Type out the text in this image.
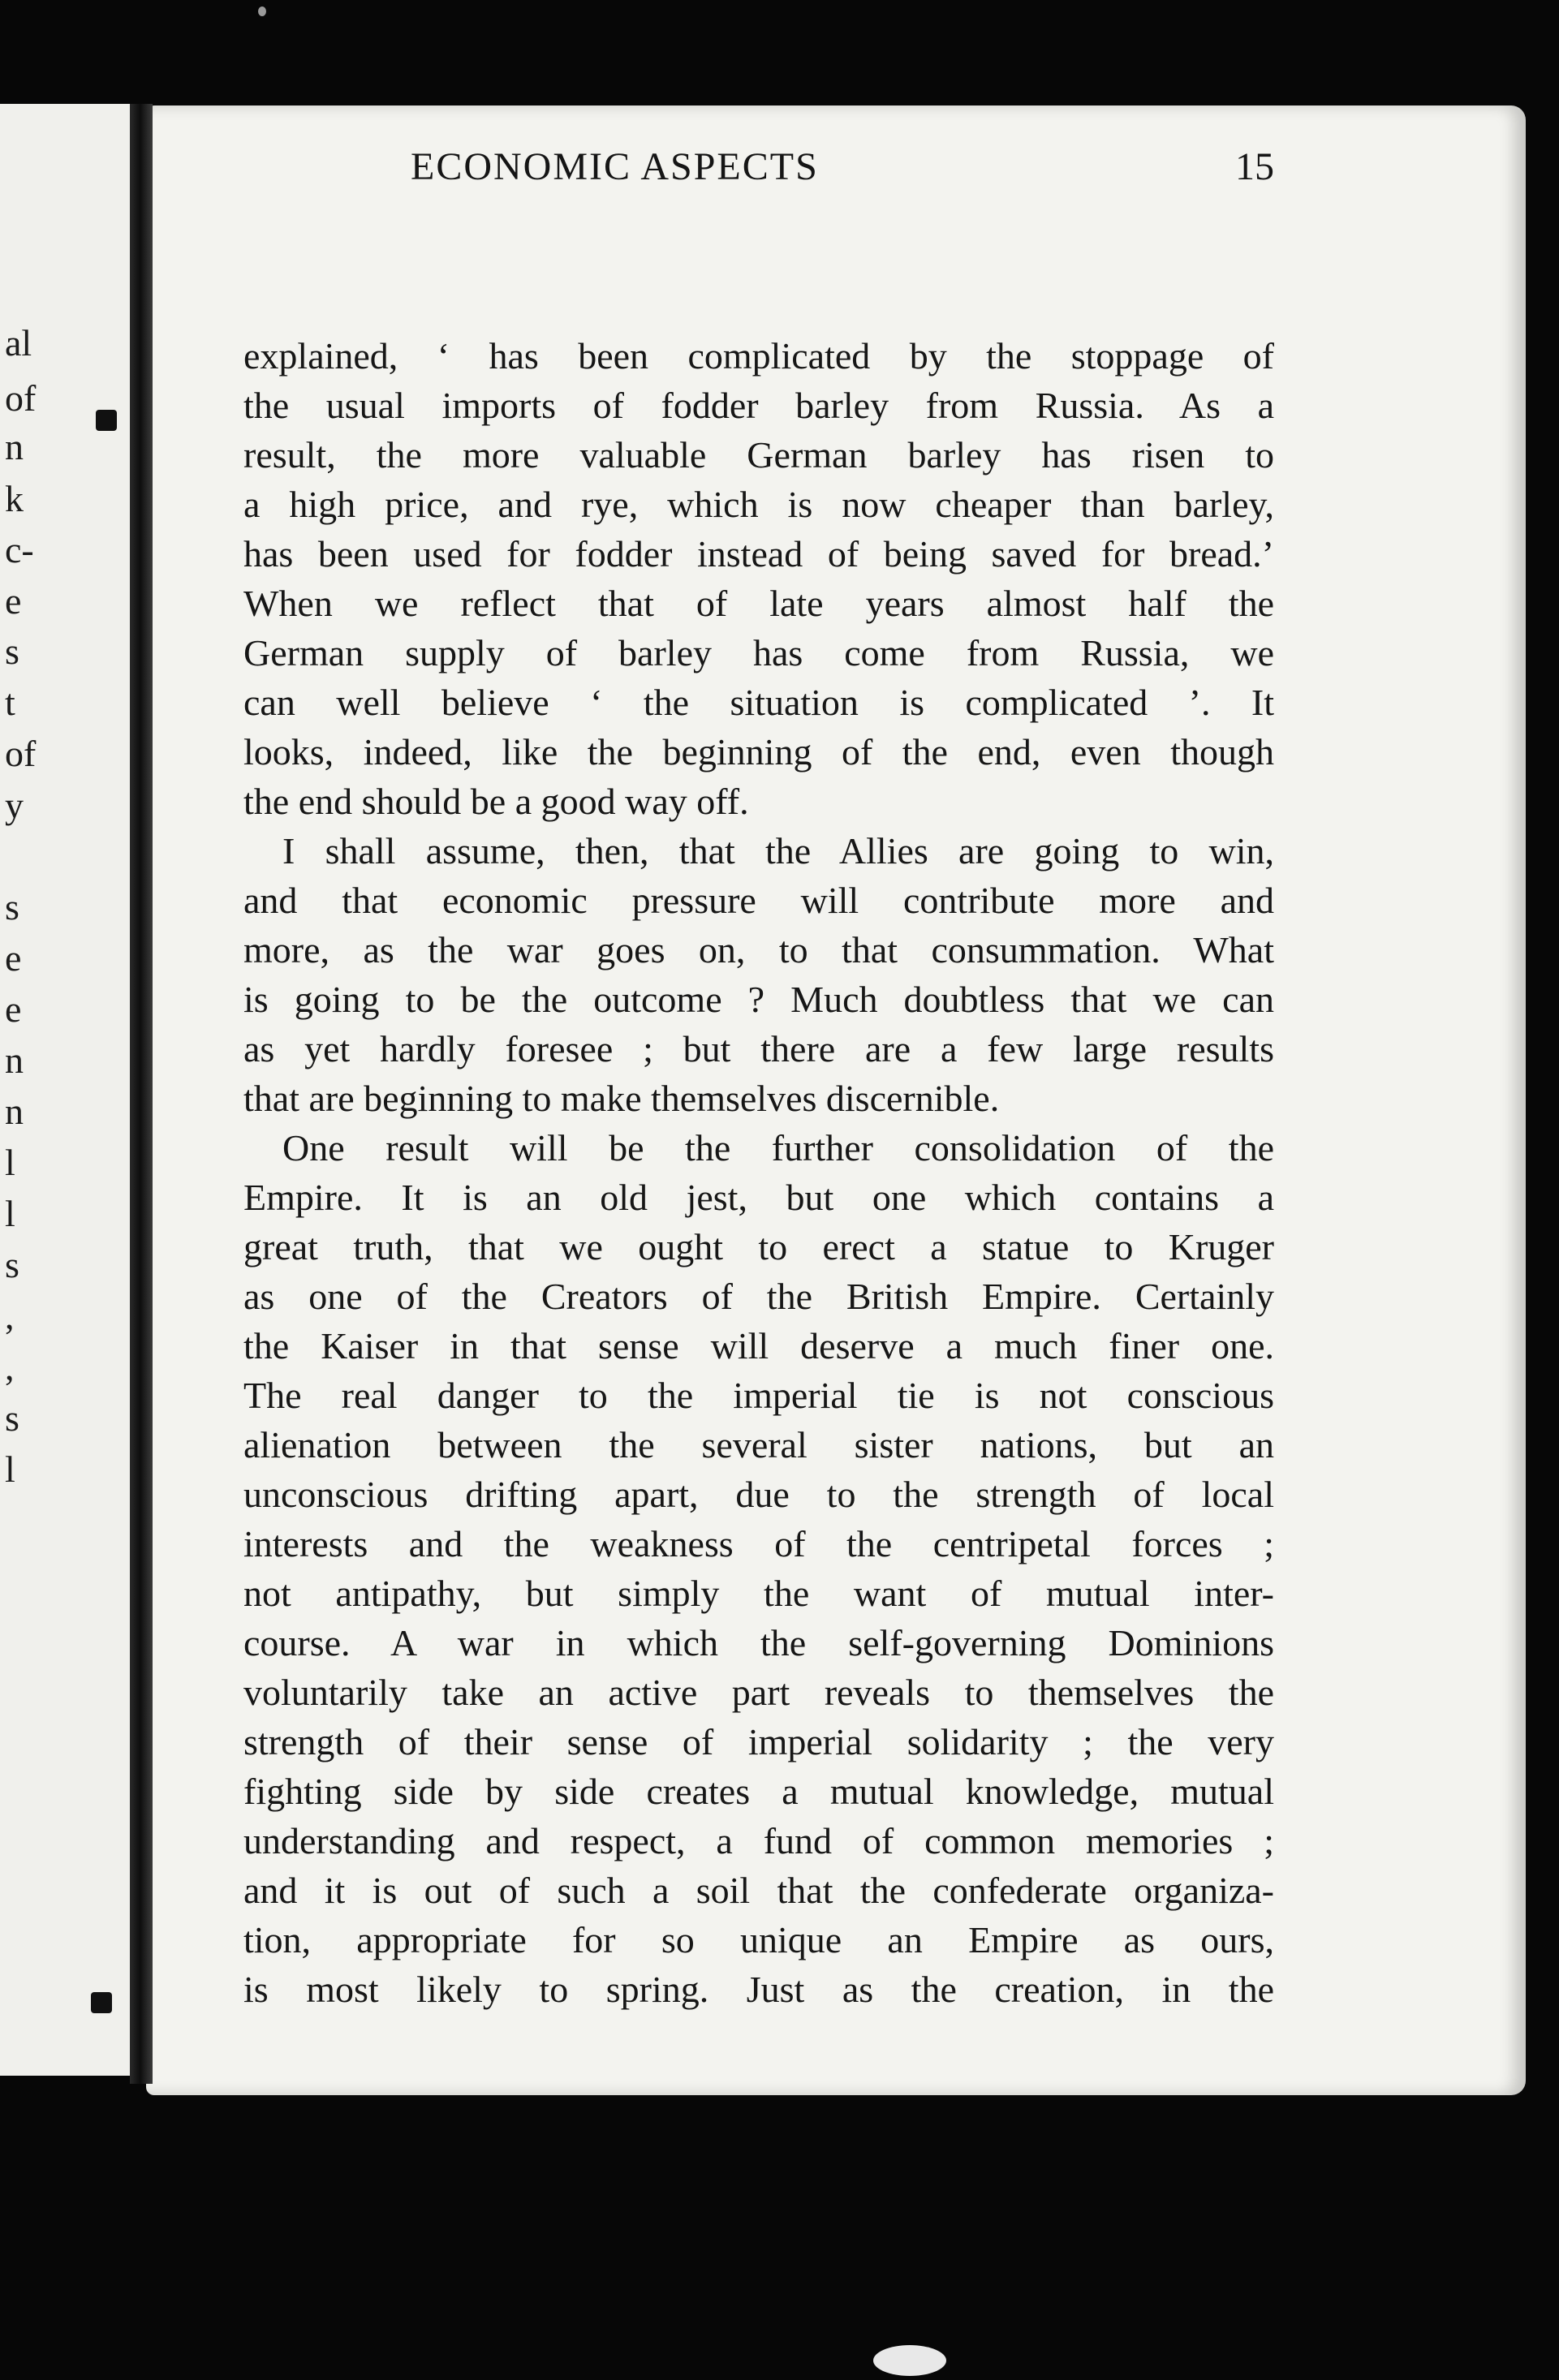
al
of
n
k
c-
e
s
t
of
y
s
e
e
n
n
l
l
s
,
,
s
l
ECONOMIC ASPECTS	15
explained, ‘ has been complicated by the stoppage of
the usual imports of fodder barley from Russia. As a
result, the more valuable German barley has risen to
a high price, and rye, which is now cheaper than barley,
has been used for fodder instead of being saved for bread.’
When we reflect that of late years almost half the
German supply of barley has come from Russia, we
can well believe ‘ the situation is complicated ’. It
looks, indeed, like the beginning of the end, even though
the end should be a good way off.
I shall assume, then, that the Allies are going to win,
and that economic pressure will contribute more and
more, as the war goes on, to that consummation. What
is going to be the outcome ? Much doubtless that we can
as yet hardly foresee ; but there are a few large results
that are beginning to make themselves discernible.
One result will be the further consolidation of the
Empire. It is an old jest, but one which contains a
great truth, that we ought to erect a statue to Kruger
as one of the Creators of the British Empire. Certainly
the Kaiser in that sense will deserve a much finer one.
The real danger to the imperial tie is not conscious
alienation between the several sister nations, but an
unconscious drifting apart, due to the strength of local
interests and the weakness of the centripetal forces ;
not antipathy, but simply the want of mutual inter-
course. A war in which the self-governing Dominions
voluntarily take an active part reveals to themselves the
strength of their sense of imperial solidarity ; the very
fighting side by side creates a mutual knowledge, mutual
understanding and respect, a fund of common memories ;
and it is out of such a soil that the confederate organiza-
tion, appropriate for so unique an Empire as ours,
is most likely to spring. Just as the creation, in the
